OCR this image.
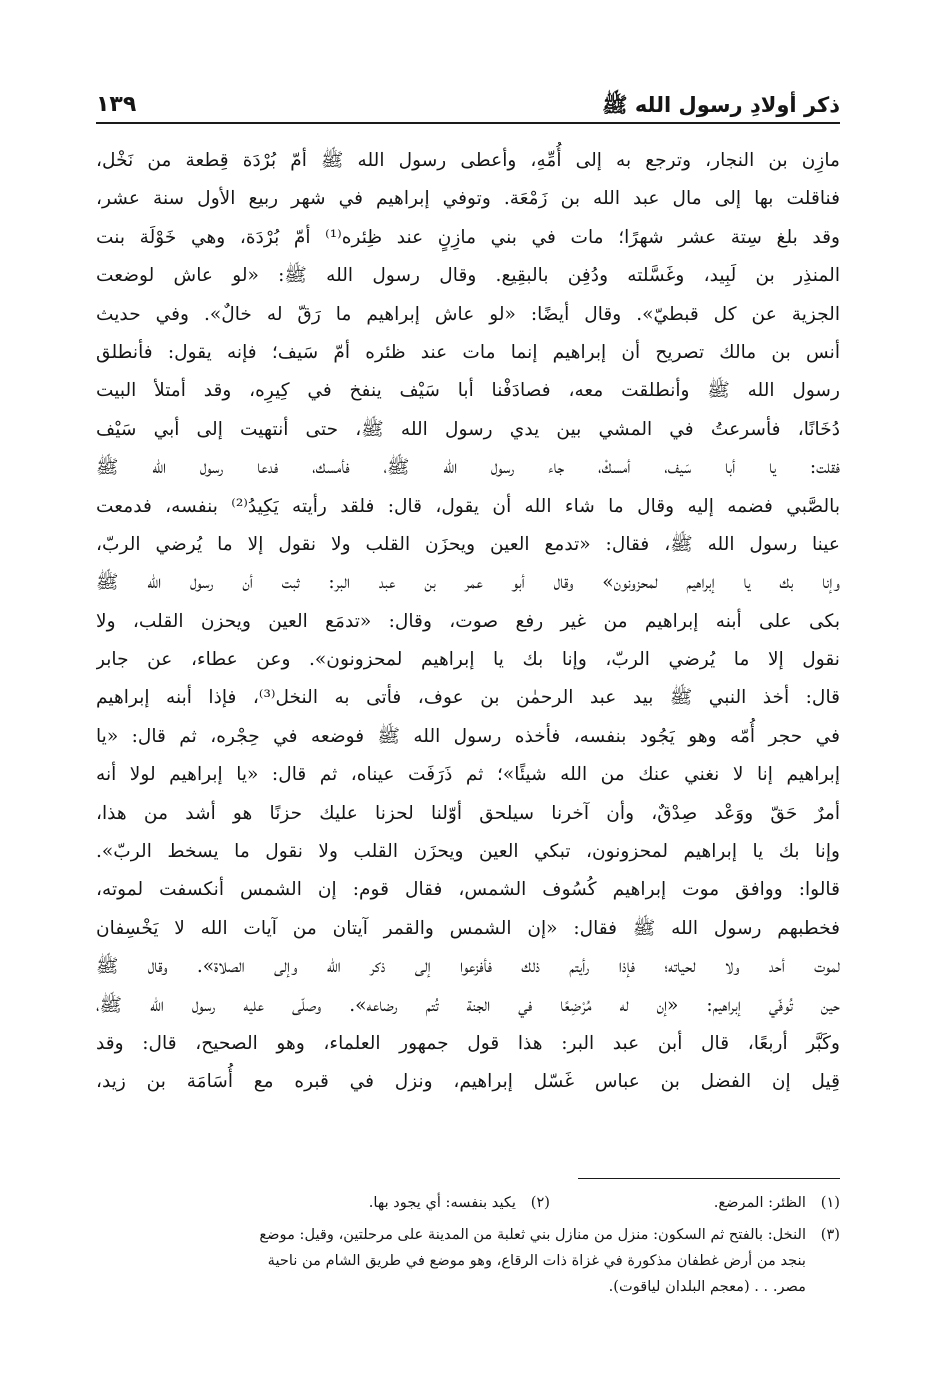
ذكر أولادِ رسول الله ﷺ
١٣٩
مازِن بن النجار، وترجع به إلى أُمِّهِ، وأعطى رسول الله ﷺ أمّ بُرْدَة قِطعة من نَخْل،
فناقلت بها إلى مال عبد الله بن زَمْعَة. وتوفي إبراهيم في شهر ربيع الأول سنة عشر،
وقد بلغ سِتة عشر شهرًا؛ مات في بني مازِنٍ عند ظِئره⁽¹⁾ أمّ بُرْدَة، وهي خَوْلَة بنت
المنذِر بن لَبِيد، وغَسَّلته ودُفِن بالبقِيع. وقال رسول الله ﷺ: «لو عاش لوضعت
الجزية عن كل قبطيّ». وقال أيضًا: «لو عاش إبراهيم ما رَقّ له خالٌ». وفي حديث
أنس بن مالك تصريح أن إبراهيم إنما مات عند ظئره أمّ سَيف؛ فإنه يقول: فأنطلق
رسول الله ﷺ وأنطلقت معه، فصادَفْنا أبا سَيْف ينفخ في كِيرِه، وقد أمتلأ البيت
دُخَانًا، فأسرعتُ في المشي بين يدي رسول الله ﷺ، حتى أنتهيت إلى أبي سَيْف
فقلت: يا أبا سَيف، أمسكْ، جاء رسول الله ﷺ، فأمسك، فدعا رسول الله ﷺ
بالصَّبي فضمه إليه وقال ما شاء الله أن يقول، قال: فلقد رأيته يَكِيدُ⁽²⁾ بنفسه، فدمعت
عينا رسول الله ﷺ، فقال: «تدمع العين ويحزَن القلب ولا نقول إلا ما يُرضي الربّ،
وإنا بك يا إبراهيم لمحزونون» وقال أبو عمر بن عبد البر: ثبت أن رسول الله ﷺ
بكى على أبنه إبراهيم من غير رفع صوت، وقال: «تدمَع العين ويحزن القلب، ولا
نقول إلا ما يُرضي الربّ، وإنا بك يا إبراهيم لمحزونون». وعن عطاء، عن جابر
قال: أخذ النبي ﷺ بيد عبد الرحمٰن بن عوف، فأتى به النخل⁽³⁾، فإذا أبنه إبراهيم
في حجر أُمّه وهو يَجُود بنفسه، فأخذه رسول الله ﷺ فوضعه في حِجْره، ثم قال: «يا
إبراهيم إنا لا نغني عنك من الله شيئًا»؛ ثم ذَرَفَت عيناه، ثم قال: «يا إبراهيم لولا أنه
أمرٌ حَقّ ووَعْد صِدْقٌ، وأن آخرنا سيلحق أوّلنا لحزنا عليك حزنًا هو أشد من هذا،
وإنا بك يا إبراهيم لمحزونون، تبكي العين ويحزَن القلب ولا نقول ما يسخط الربّ».
قالوا: ووافق موت إبراهيم كُسُوف الشمس، فقال قوم: إن الشمس أنكسفت لموته،
فخطبهم رسول الله ﷺ فقال: «إن الشمس والقمر آيتان من آيات الله لا يَخْسِفان
لموت أحد ولا لحياته؛ فإذا رأيتم ذلك فأفزعوا إلى ذكر الله وإلى الصلاة». وقال ﷺ
حين تُوفّي إبراهيم: «إن له مُرْضِعًا في الجنة تُتم رضاعه». وصلّى عليه رسول الله ﷺ،
وكَبَّر أربعًا، قال أبن عبد البر: هذا قول جمهور العلماء، وهو الصحيح، قال: وقد
قِيل إن الفضل بن عباس غَسّل إبراهيم، ونزل في قبره مع أُسَامَة بن زيد،
(١)
الظئر: المرضع.
(٢)
يكيد بنفسه: أي يجود بها.
(٣)
النخل: بالفتح ثم السكون: منزل من منازل بني ثعلبة من المدينة على مرحلتين، وقيل: موضع
بنجد من أرض غطفان مذكورة في غزاة ذات الرقاع، وهو موضع في طريق الشام من ناحية
مصر. . . (معجم البلدان لياقوت).
